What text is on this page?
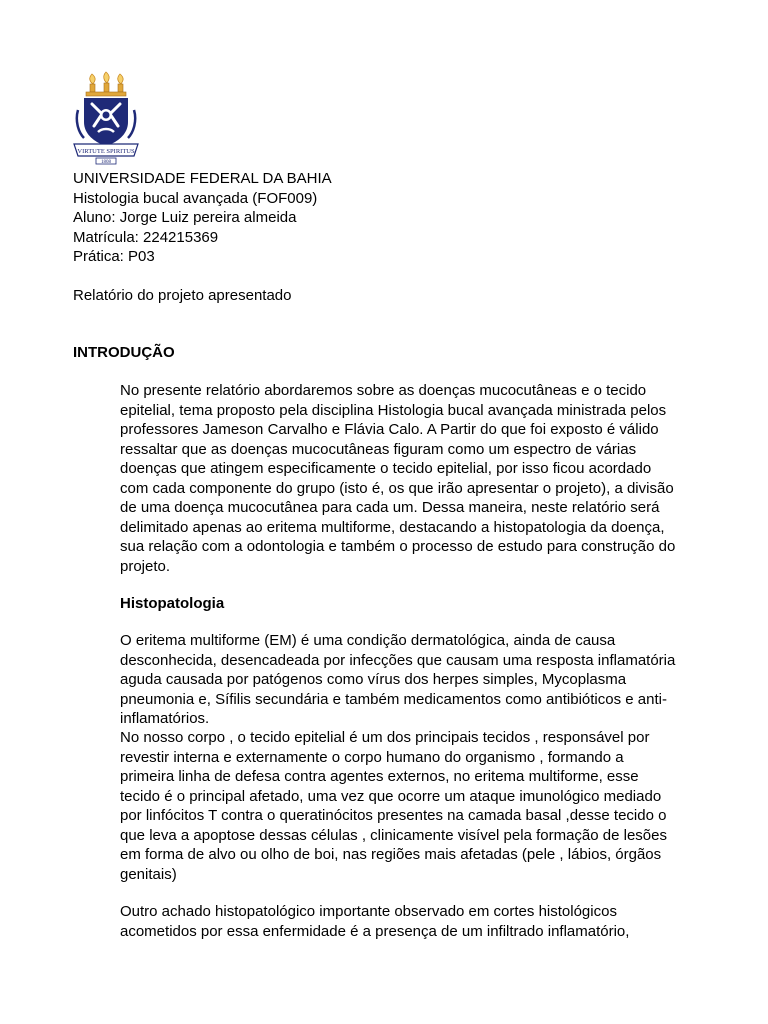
VIRTUTE SPIRITUS
1808
UNIVERSIDADE FEDERAL DA BAHIA
Histologia bucal avançada (FOF009)
Aluno: Jorge Luiz pereira almeida
Matrícula: 224215369
Prática: P03
Relatório do projeto apresentado
INTRODUÇÃO
No presente relatório abordaremos sobre as doenças mucocutâneas e o tecido
epitelial, tema proposto pela disciplina Histologia bucal avançada ministrada pelos
professores Jameson Carvalho e Flávia Calo. A Partir do que foi exposto é válido
ressaltar que as doenças mucocutâneas figuram como um espectro de várias
doenças que atingem especificamente o tecido epitelial, por isso ficou acordado
com cada componente do grupo (isto é, os que irão apresentar o projeto), a divisão
de uma doença mucocutânea para cada um. Dessa maneira, neste relatório será
delimitado apenas ao eritema multiforme, destacando a histopatologia da doença,
sua relação com a odontologia e também o processo de estudo para construção do
projeto.
Histopatologia
O eritema multiforme (EM) é uma condição dermatológica, ainda de causa
desconhecida, desencadeada por infecções que causam uma resposta inflamatória
aguda causada por patógenos como vírus dos herpes simples, Mycoplasma
pneumonia e, Sífilis secundária e também medicamentos como antibióticos e anti-
inflamatórios.
No nosso corpo , o tecido epitelial é um dos principais tecidos , responsável por
revestir interna e externamente o corpo humano do organismo , formando a
primeira linha de defesa contra agentes externos, no eritema multiforme, esse
tecido é o principal afetado, uma vez que ocorre um ataque imunológico mediado
por linfócitos T contra o queratinócitos presentes na camada basal ,desse tecido o
que leva a apoptose dessas células , clinicamente visível pela formação de lesões
em forma de alvo ou olho de boi, nas regiões mais afetadas (pele , lábios, órgãos
genitais)
Outro achado histopatológico importante observado em cortes histológicos
acometidos por essa enfermidade é a presença de um infiltrado inflamatório,
